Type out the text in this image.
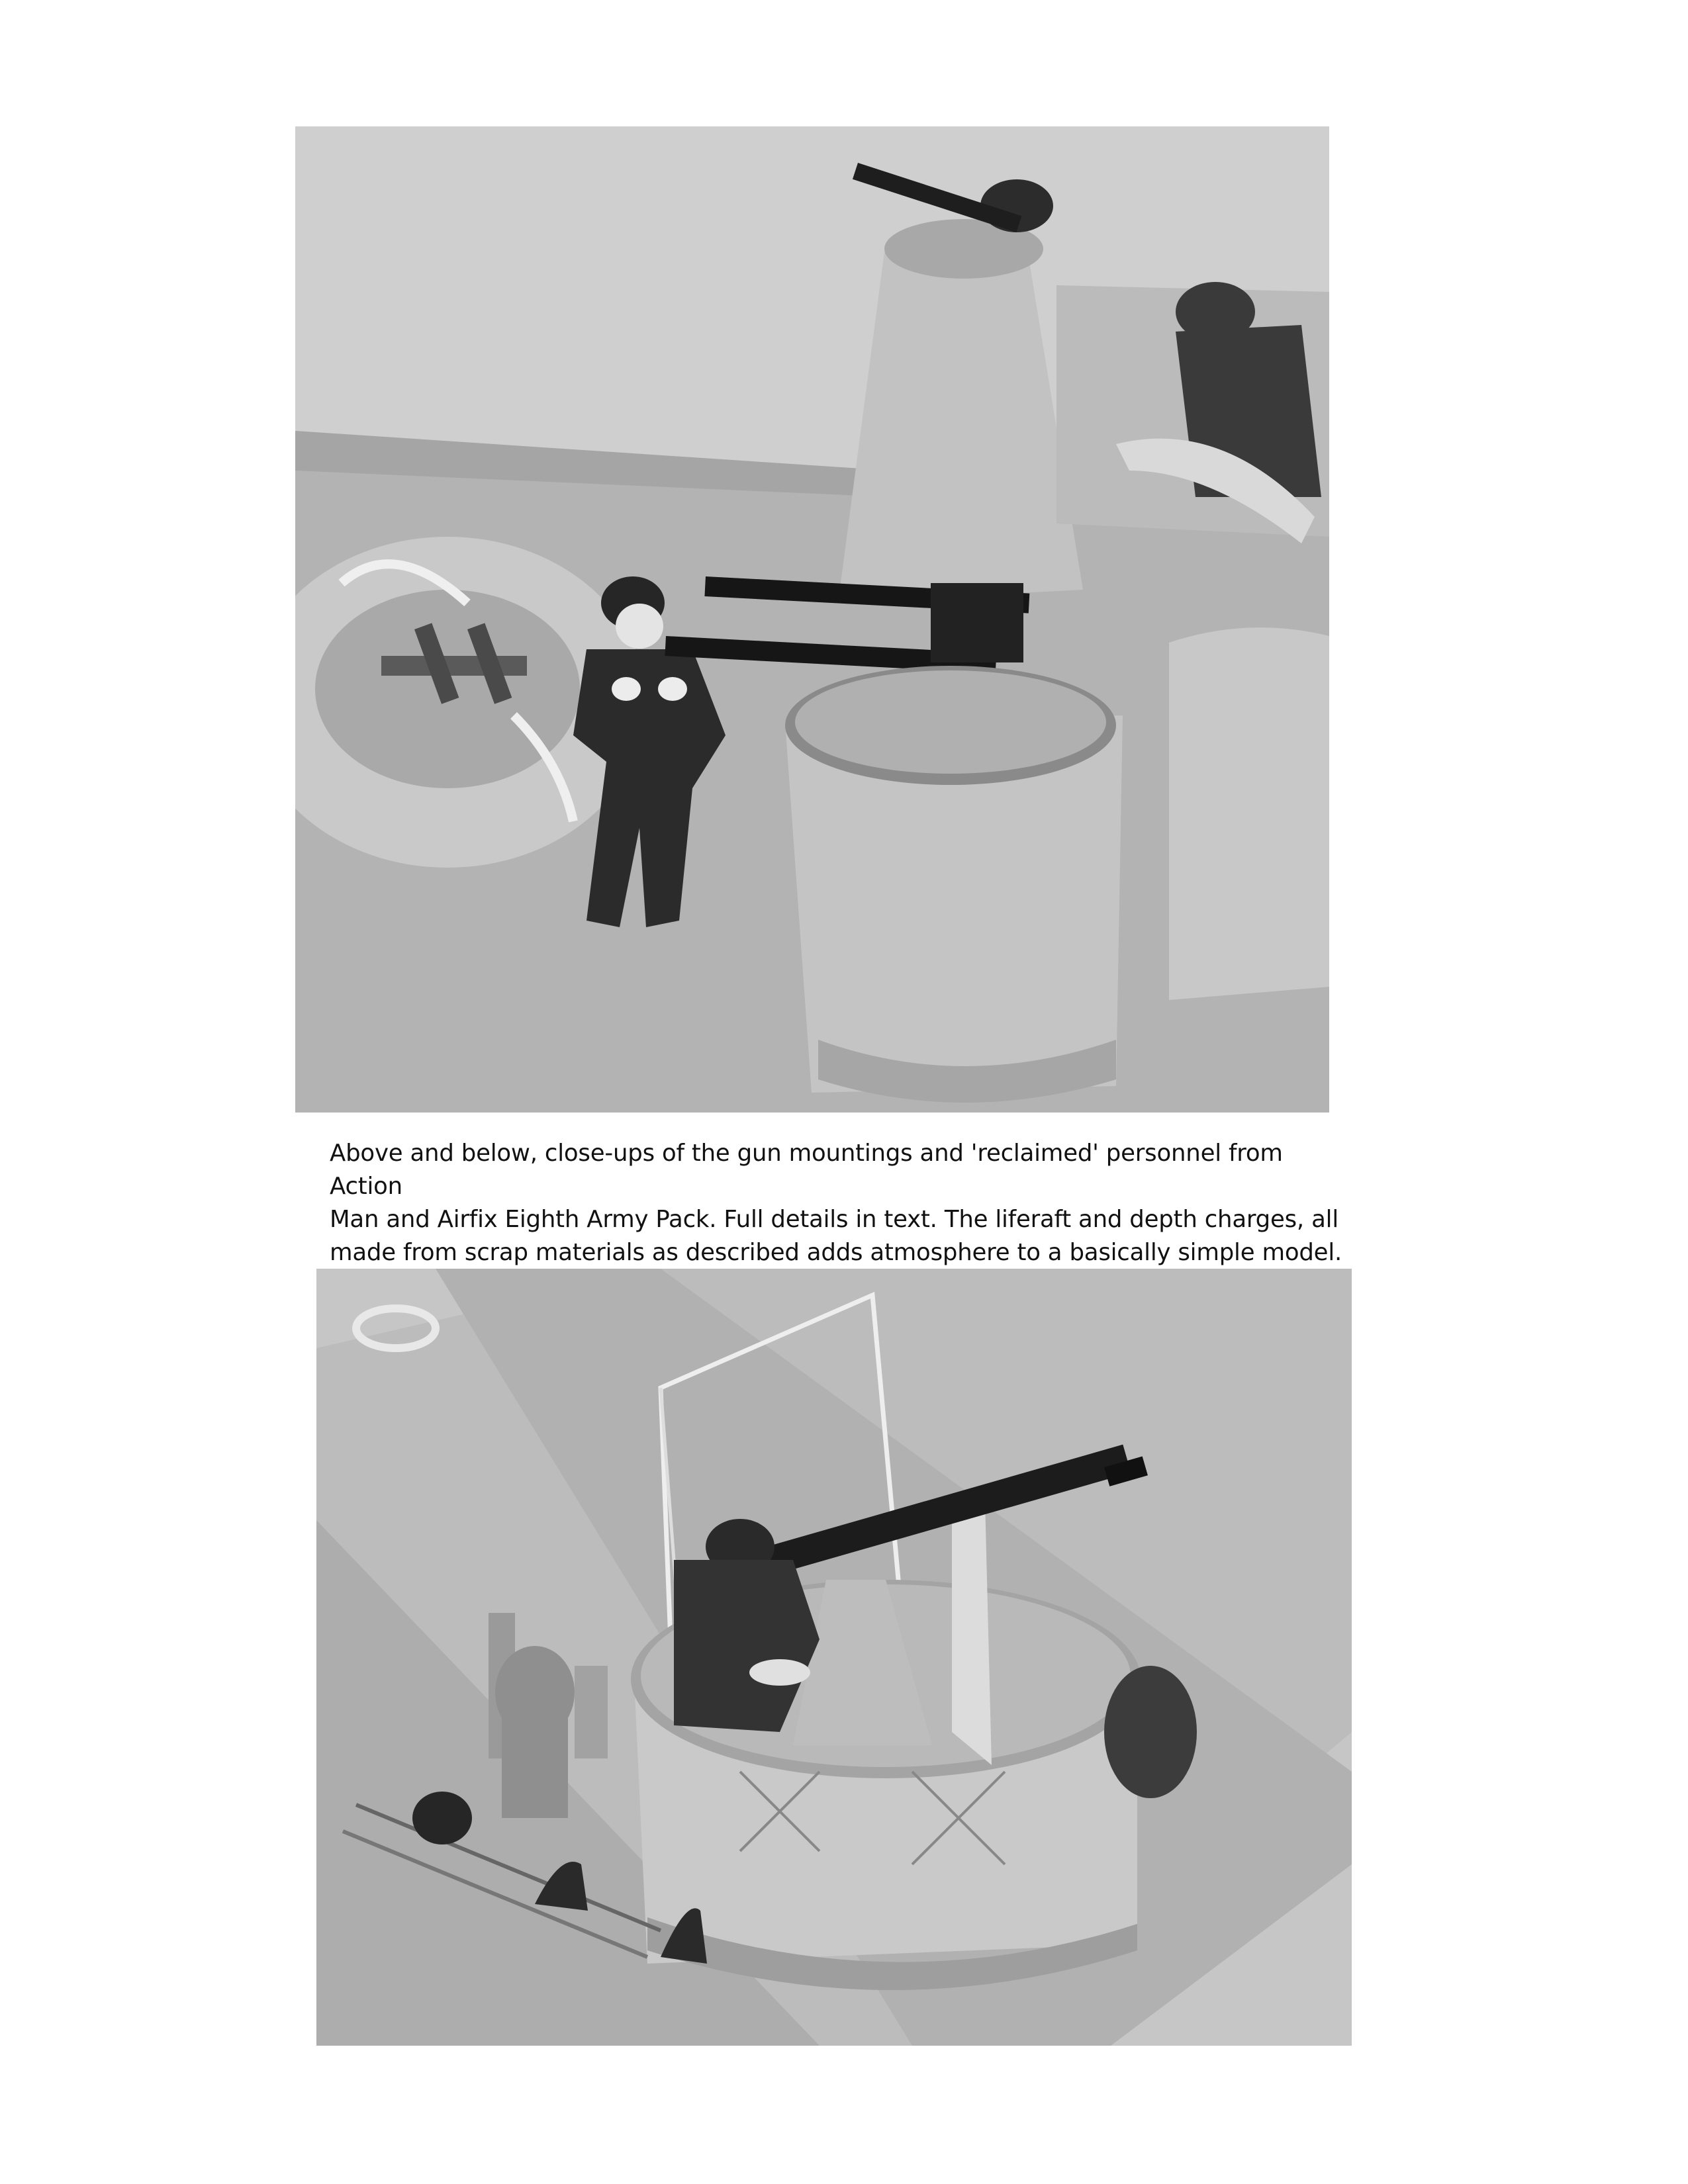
Above and below, close-ups of the gun mountings and 'reclaimed' personnel from Action
Man and Airfix Eighth Army Pack. Full details in text. The liferaft and depth charges, all
made from scrap materials as described adds atmosphere to a basically simple model.
